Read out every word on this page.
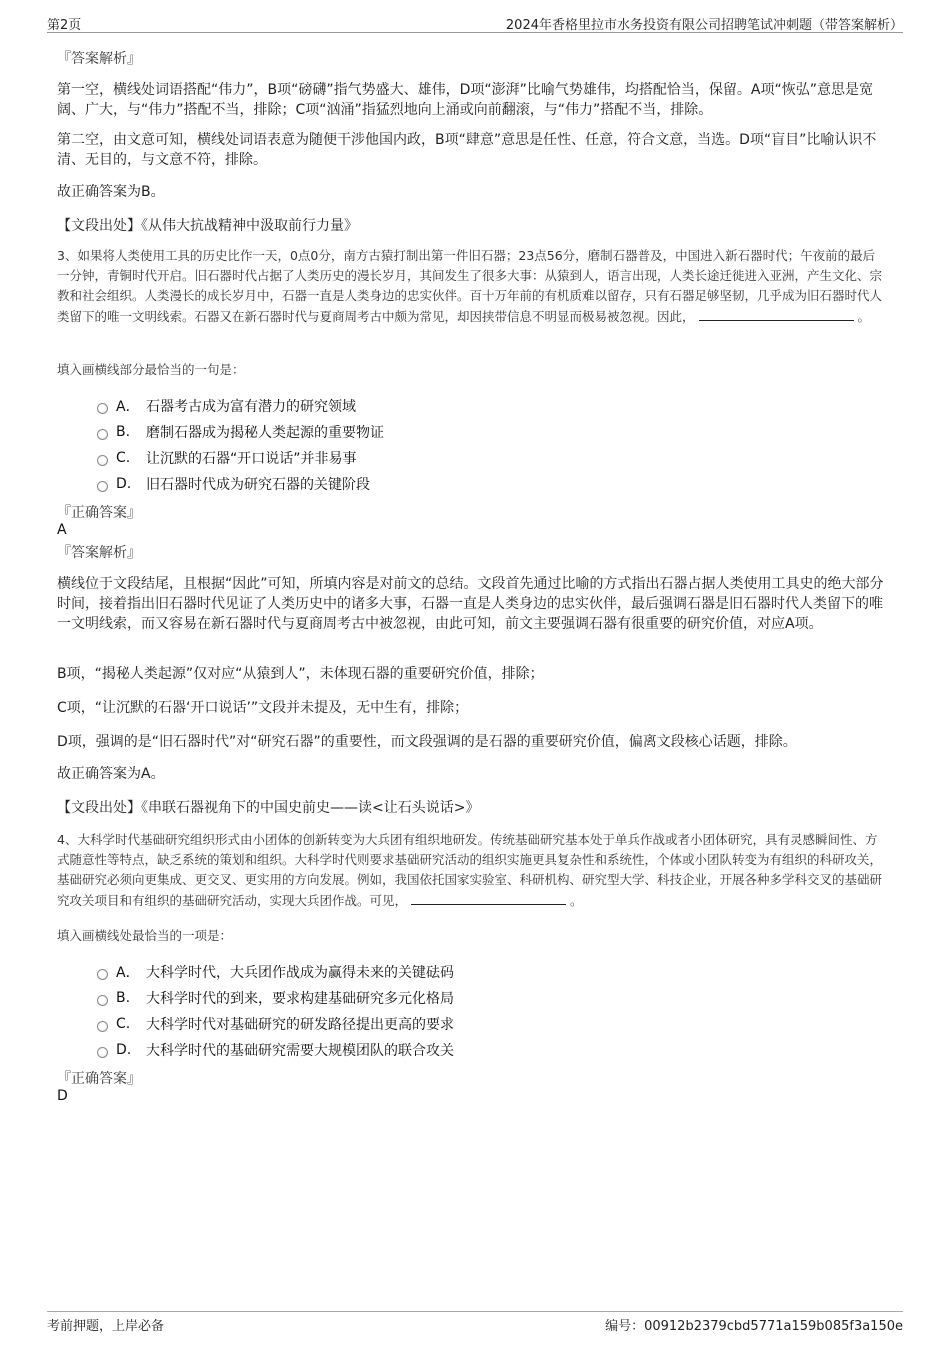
第2页	2024年香格里拉市水务投资有限公司招聘笔试冲刺题（带答案解析）
『答案解析』
第一空，横线处词语搭配“伟力”，B项“磅礴”指气势盛大、雄伟，D项“澎湃”比喻气势雄伟，均搭配恰当，保留。A项“恢弘”意思是宽阔、广大，与“伟力”搭配不当，排除；C项“汹涌”指猛烈地向上涌或向前翻滚，与“伟力”搭配不当，排除。
第二空，由文意可知，横线处词语表意为随便干涉他国内政，B项“肆意”意思是任性、任意，符合文意，当选。D项“盲目”比喻认识不清、无目的，与文意不符，排除。
故正确答案为B。
【文段出处】《从伟大抗战精神中汲取前行力量》
3、如果将人类使用工具的历史比作一天，0点0分，南方古猿打制出第一件旧石器；23点56分，磨制石器普及，中国进入新石器时代；午夜前的最后一分钟，青铜时代开启。旧石器时代占据了人类历史的漫长岁月，其间发生了很多大事：从猿到人，语言出现，人类长途迁徙进入亚洲，产生文化、宗教和社会组织。人类漫长的成长岁月中，石器一直是人类身边的忠实伙伴。百十万年前的有机质难以留存，只有石器足够坚韧，几乎成为旧石器时代人类留下的唯一文明线索。石器又在新石器时代与夏商周考古中颇为常见，却因挟带信息不明显而极易被忽视。因此，	。
填入画横线部分最恰当的一句是：
A． 石器考古成为富有潜力的研究领域
B.	磨制石器成为揭秘人类起源的重要物证
C.	让沉默的石器“开口说话”并非易事
D.	旧石器时代成为研究石器的关键阶段
『正确答案』
A
『答案解析』
横线位于文段结尾，且根据“因此”可知，所填内容是对前文的总结。文段首先通过比喻的方式指出石器占据人类使用工具史的绝大部分时间，接着指出旧石器时代见证了人类历史中的诸多大事，石器一直是人类身边的忠实伙伴，最后强调石器是旧石器时代人类留下的唯一文明线索，而又容易在新石器时代与夏商周考古中被忽视，由此可知，前文主要强调石器有很重要的研究价值，对应A项。
B项，“揭秘人类起源”仅对应“从猿到人”，未体现石器的重要研究价值，排除；
C项，“让沉默的石器‘开口说话’”文段并未提及，无中生有，排除；
D项，强调的是“旧石器时代”对“研究石器”的重要性，而文段强调的是石器的重要研究价值，偏离文段核心话题，排除。
故正确答案为A。
【文段出处】《串联石器视角下的中国史前史——读<让石头说话>》
4、大科学时代基础研究组织形式由小团体的创新转变为大兵团有组织地研发。传统基础研究基本处于单兵作战或者小团体研究，具有灵感瞬间性、方式随意性等特点，缺乏系统的策划和组织。大科学时代则要求基础研究活动的组织实施更具复杂性和系统性，个体或小团队转变为有组织的科研攻关，基础研究必须向更集成、更交叉、更实用的方向发展。例如，我国依托国家实验室、科研机构、研究型大学、科技企业，开展各种多学科交叉的基础研究攻关项目和有组织的基础研究活动，实现大兵团作战。可见，	。
填入画横线处最恰当的一项是：
A． 大科学时代，大兵团作战成为赢得未来的关键砝码
B.	大科学时代的到来，要求构建基础研究多元化格局
C.	大科学时代对基础研究的研发路径提出更高的要求
D.	大科学时代的基础研究需要大规模团队的联合攻关
『正确答案』
D
考前押题，上岸必备	编号：00912b2379cbd5771a159b085f3a150e
